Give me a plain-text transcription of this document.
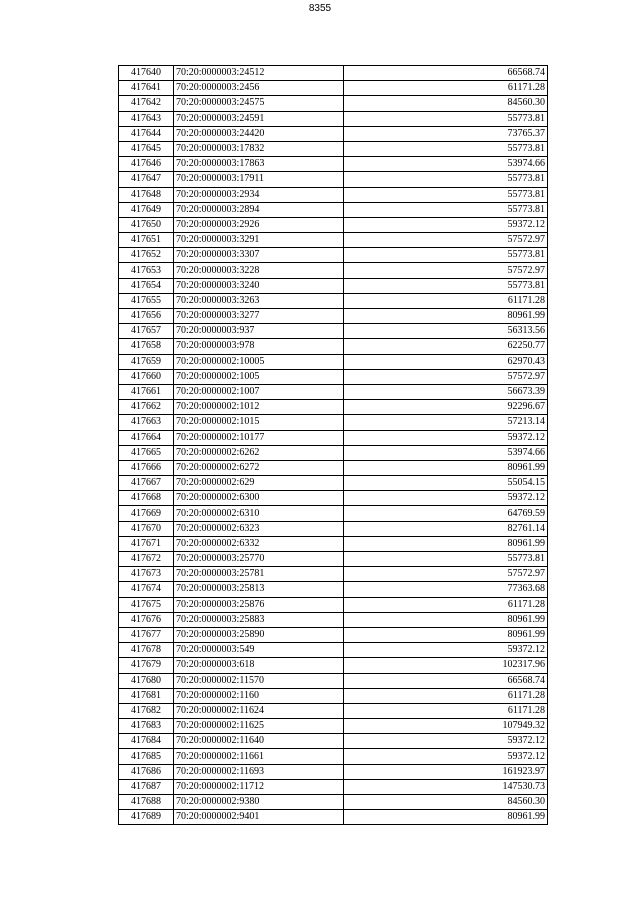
8355
417640	70:20:0000003:24512	66568.74
417641	70:20:0000003:2456	61171.28
417642	70:20:0000003:24575	84560.30
417643	70:20:0000003:24591	55773.81
417644	70:20:0000003:24420	73765.37
417645	70:20:0000003:17832	55773.81
417646	70:20:0000003:17863	53974.66
417647	70:20:0000003:17911	55773.81
417648	70:20:0000003:2934	55773.81
417649	70:20:0000003:2894	55773.81
417650	70:20:0000003:2926	59372.12
417651	70:20:0000003:3291	57572.97
417652	70:20:0000003:3307	55773.81
417653	70:20:0000003:3228	57572.97
417654	70:20:0000003:3240	55773.81
417655	70:20:0000003:3263	61171.28
417656	70:20:0000003:3277	80961.99
417657	70:20:0000003:937	56313.56
417658	70:20:0000003:978	62250.77
417659	70:20:0000002:10005	62970.43
417660	70:20:0000002:1005	57572.97
417661	70:20:0000002:1007	56673.39
417662	70:20:0000002:1012	92296.67
417663	70:20:0000002:1015	57213.14
417664	70:20:0000002:10177	59372.12
417665	70:20:0000002:6262	53974.66
417666	70:20:0000002:6272	80961.99
417667	70:20:0000002:629	55054.15
417668	70:20:0000002:6300	59372.12
417669	70:20:0000002:6310	64769.59
417670	70:20:0000002:6323	82761.14
417671	70:20:0000002:6332	80961.99
417672	70:20:0000003:25770	55773.81
417673	70:20:0000003:25781	57572.97
417674	70:20:0000003:25813	77363.68
417675	70:20:0000003:25876	61171.28
417676	70:20:0000003:25883	80961.99
417677	70:20:0000003:25890	80961.99
417678	70:20:0000003:549	59372.12
417679	70:20:0000003:618	102317.96
417680	70:20:0000002:11570	66568.74
417681	70:20:0000002:1160	61171.28
417682	70:20:0000002:11624	61171.28
417683	70:20:0000002:11625	107949.32
417684	70:20:0000002:11640	59372.12
417685	70:20:0000002:11661	59372.12
417686	70:20:0000002:11693	161923.97
417687	70:20:0000002:11712	147530.73
417688	70:20:0000002:9380	84560.30
417689	70:20:0000002:9401	80961.99
